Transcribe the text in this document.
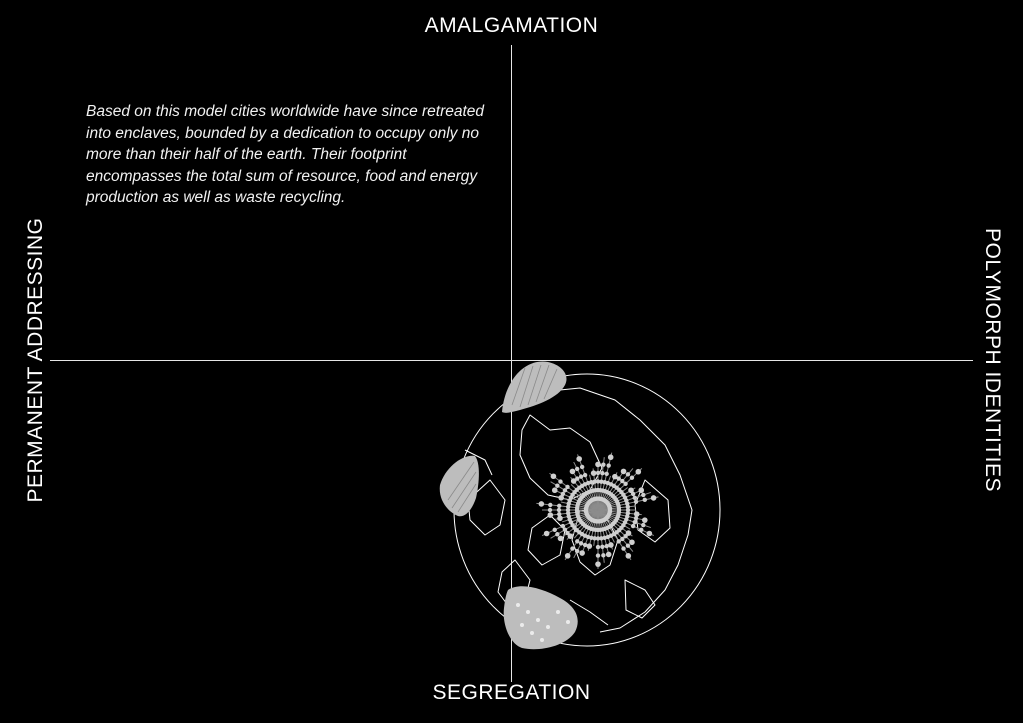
AMALGAMATION
SEGREGATION
PERMANENT ADDRESSING	POLYMORPH IDENTITIES

Based on this model cities worldwide have since retreated into enclaves, bounded by a dedication to occupy only no more than their half of the earth. Their footprint encompasses the total sum of resource, food and energy production as well as waste recycling.
